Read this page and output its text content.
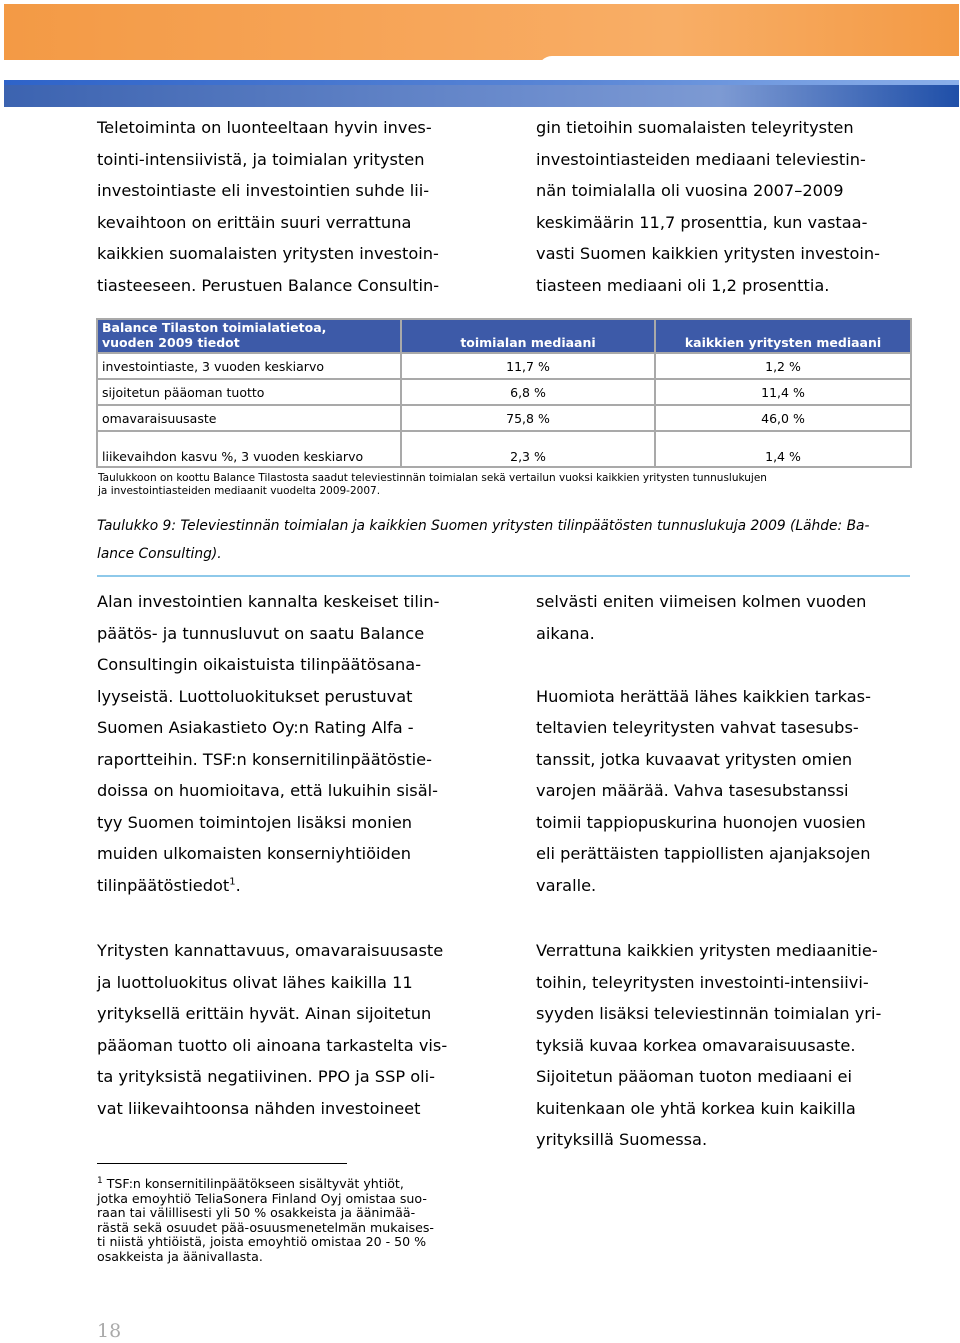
Teletoiminta on luonteeltaan hyvin inves-
tointi-intensiivistä, ja toimialan yritysten
investointiaste eli investointien suhde lii-
kevaihtoon on erittäin suuri verrattuna
kaikkien suomalaisten yritysten investoin-
tiasteeseen. Perustuen Balance Consultin-
gin tietoihin suomalaisten teleyritysten
investointiasteiden mediaani televiestin-
nän toimialalla oli vuosina 2007–2009
keskimäärin 11,7 prosenttia, kun vastaa-
vasti Suomen kaikkien yritysten investoin-
tiasteen mediaani oli 1,2 prosenttia.
Balance Tilaston toimialatietoa,
vuoden 2009 tiedot	toimialan mediaani	kaikkien yritysten mediaani
investointiaste, 3 vuoden keskiarvo	11,7 %	1,2 %
sijoitetun pääoman tuotto	6,8 %	11,4 %
omavaraisuusaste	75,8 %	46,0 %
liikevaihdon kasvu %, 3 vuoden keskiarvo	2,3 %	1,4 %
Taulukkoon on koottu Balance Tilastosta saadut televiestinnän toimialan sekä vertailun vuoksi kaikkien yritysten tunnuslukujen
ja investointiasteiden mediaanit vuodelta 2009-2007.
Taulukko 9: Televiestinnän toimialan ja kaikkien Suomen yritysten tilinpäätösten tunnuslukuja 2009 (Lähde: Ba-
lance Consulting).
Alan investointien kannalta keskeiset tilin-
päätös- ja tunnusluvut on saatu Balance
Consultingin oikaistuista tilinpäätösana-
lyyseistä. Luottoluokitukset perustuvat
Suomen Asiakastieto Oy:n Rating Alfa -
raportteihin. TSF:n konsernitilinpäätöstie-
doissa on huomioitava, että lukuihin sisäl-
tyy Suomen toimintojen lisäksi monien
muiden ulkomaisten konserniyhtiöiden
tilinpäätöstiedot$^1$.
selvästi eniten viimeisen kolmen vuoden
aikana.

Huomiota herättää lähes kaikkien tarkas-
teltavien teleyritysten vahvat tasesubs-
tanssit, jotka kuvaavat yritysten omien
varojen määrää. Vahva tasesubstanssi
toimii tappiopuskurina huonojen vuosien
eli perättäisten tappiollisten ajanjaksojen
varalle.
Yritysten kannattavuus, omavaraisuusaste
ja luottoluokitus olivat lähes kaikilla 11
yrityksellä erittäin hyvät. Ainan sijoitetun
pääoman tuotto oli ainoana tarkastelta vis-
ta yrityksistä negatiivinen. PPO ja SSP oli-
vat liikevaihtoonsa nähden investoineet
Verrattuna kaikkien yritysten mediaanitie-
toihin, teleyritysten investointi-intensiivi-
syyden lisäksi televiestinnän toimialan yri-
tyksiä kuvaa korkea omavaraisuusaste.
Sijoitetun pääoman tuoton mediaani ei
kuitenkaan ole yhtä korkea kuin kaikilla
yrityksillä Suomessa.
$^1$ TSF:n konsernitilinpäätökseen sisältyvät yhtiöt,
jotka emoyhtiö TeliaSonera Finland Oyj omistaa suo-
raan tai välillisesti yli 50 % osakkeista ja äänimää-
rästä sekä osuudet pää-osuusmenetelmän mukaises-
ti niistä yhtiöistä, joista emoyhtiö omistaa 20 - 50 %
osakkeista ja äänivallasta.
18
